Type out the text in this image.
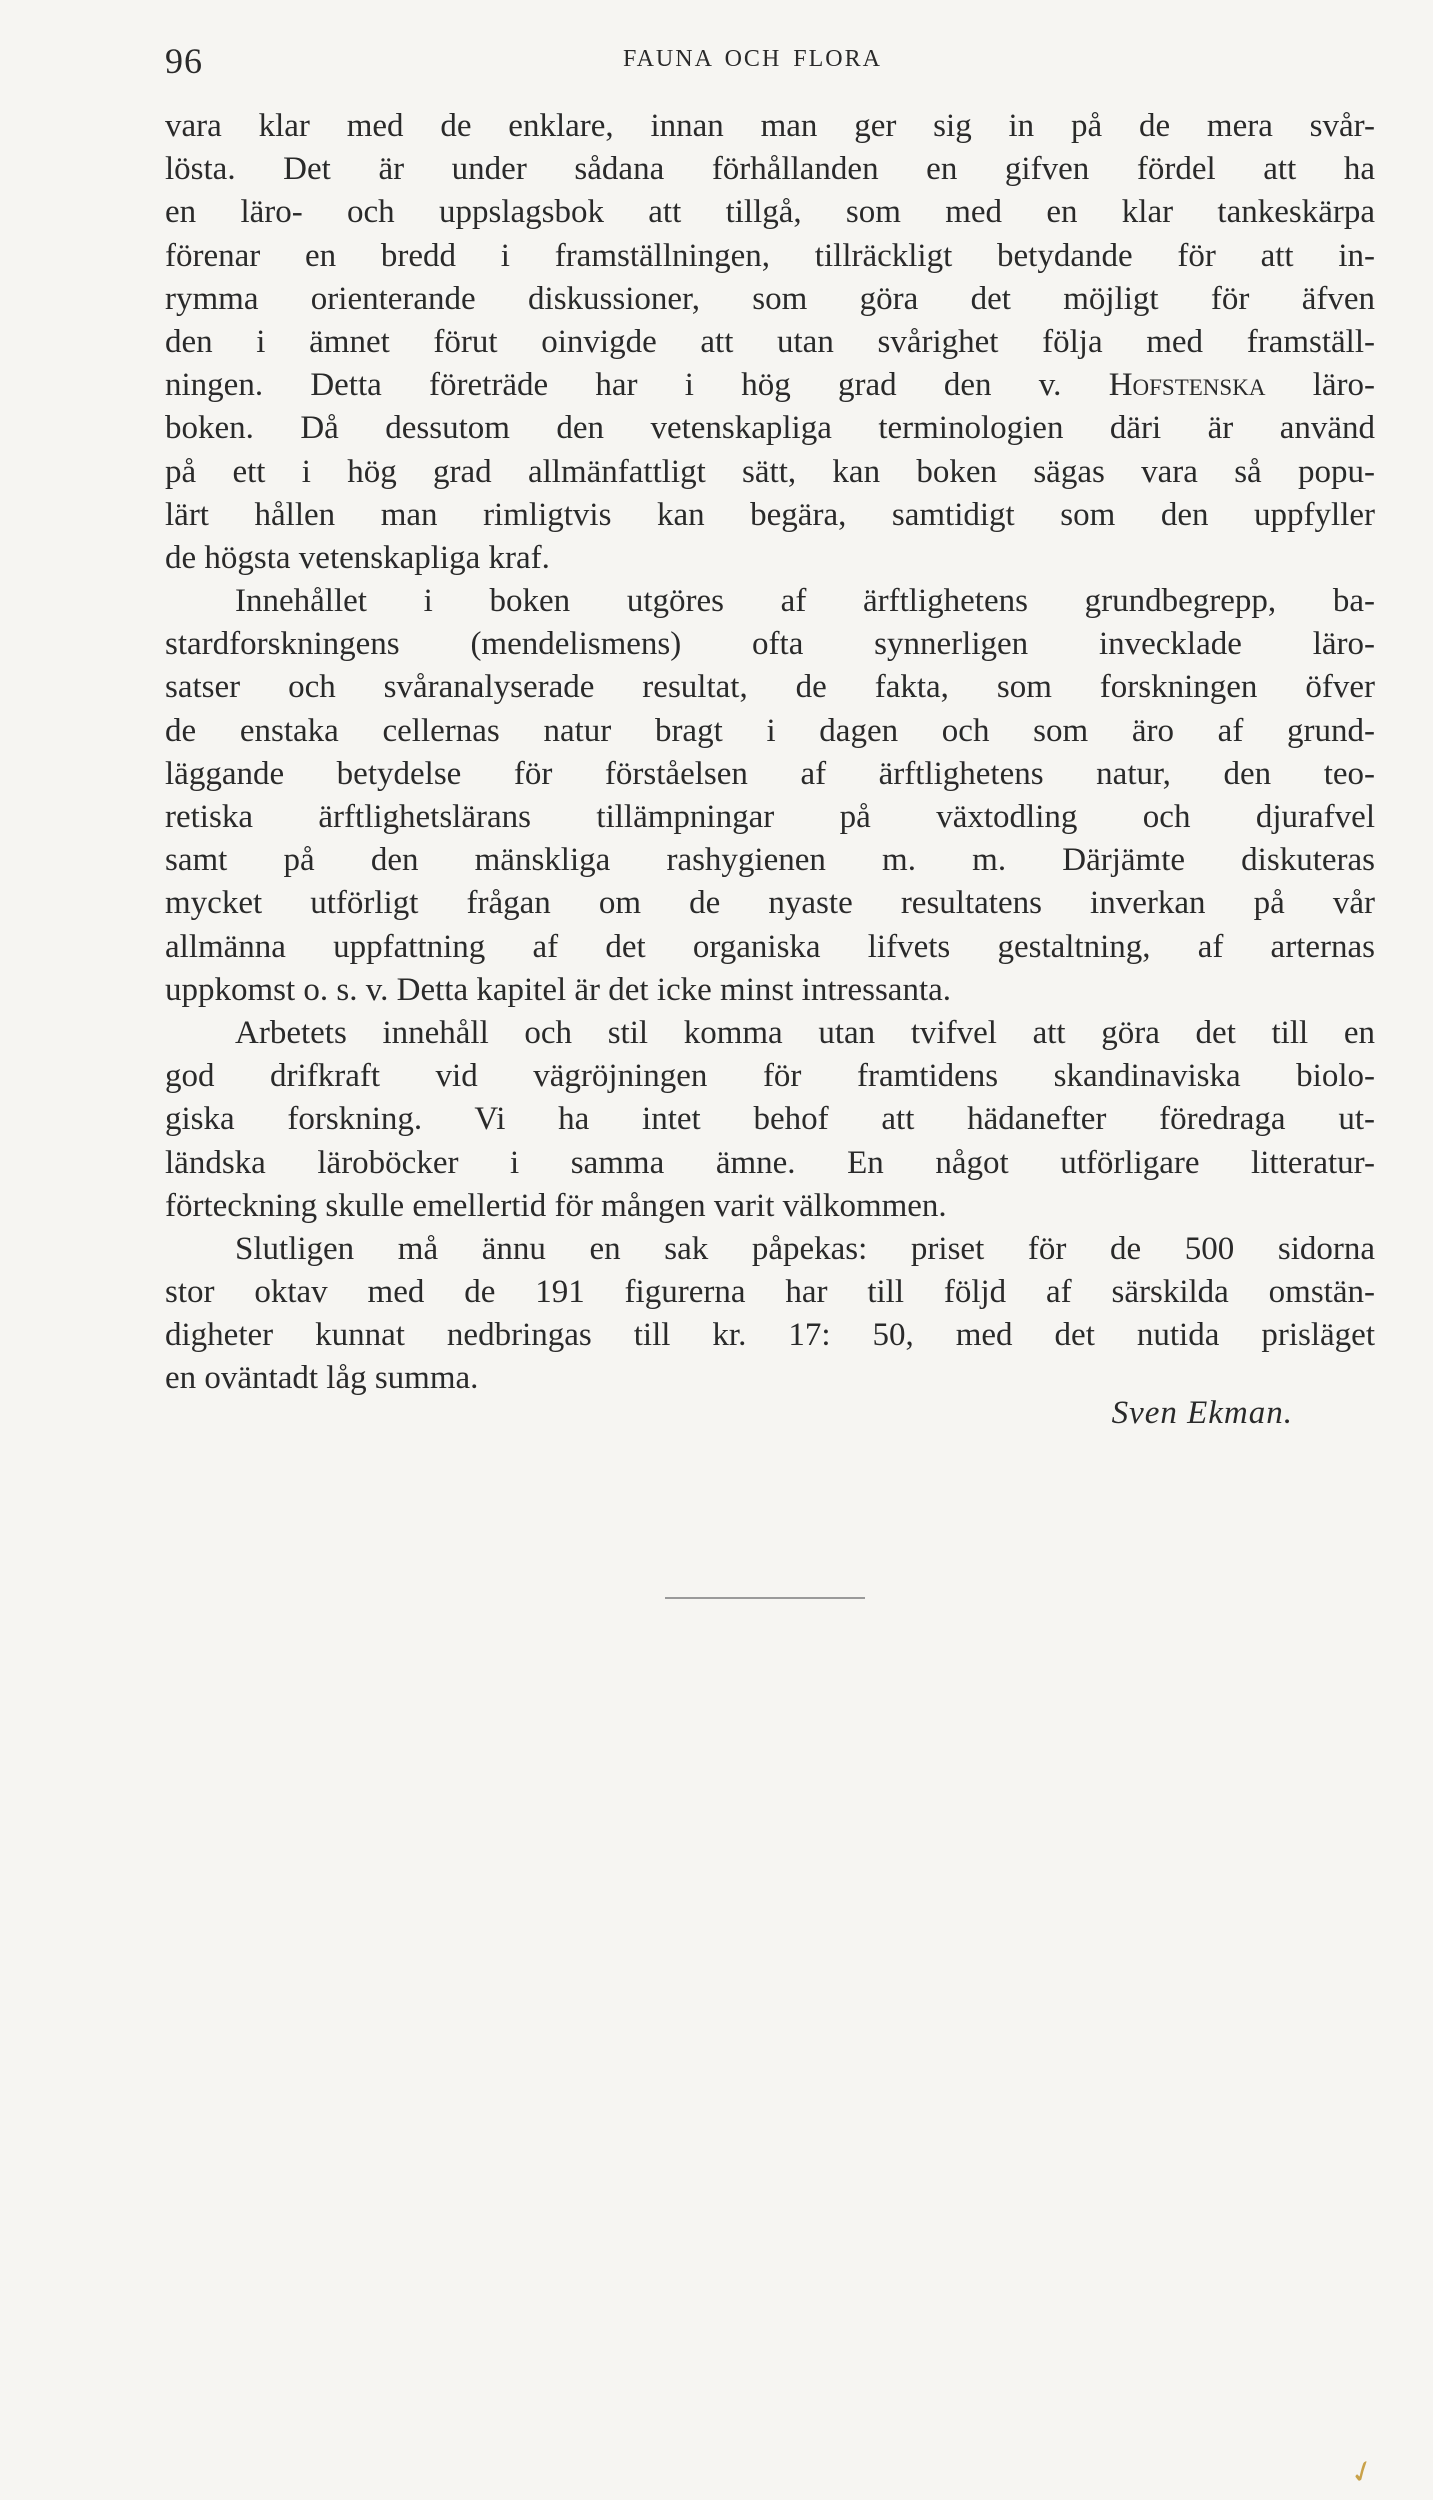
96	FAUNA OCH FLORA
vara klar med de enklare, innan man ger sig in på de mera svår-
lösta. Det är under sådana förhållanden en gifven fördel att ha
en läro- och uppslagsbok att tillgå, som med en klar tankeskärpa
förenar en bredd i framställningen, tillräckligt betydande för att in-
rymma orienterande diskussioner, som göra det möjligt för äfven
den i ämnet förut oinvigde att utan svårighet följa med framställ-
ningen. Detta företräde har i hög grad den v. Hofstenska läro-
boken. Då dessutom den vetenskapliga terminologien däri är använd
på ett i hög grad allmänfattligt sätt, kan boken sägas vara så popu-
lärt hållen man rimligtvis kan begära, samtidigt som den uppfyller
de högsta vetenskapliga kraf.
Innehållet i boken utgöres af ärftlighetens grundbegrepp, ba-
stardforskningens (mendelismens) ofta synnerligen invecklade läro-
satser och svåranalyserade resultat, de fakta, som forskningen öfver
de enstaka cellernas natur bragt i dagen och som äro af grund-
läggande betydelse för förståelsen af ärftlighetens natur, den teo-
retiska ärftlighetslärans tillämpningar på växtodling och djurafvel
samt på den mänskliga rashygienen m. m. Därjämte diskuteras
mycket utförligt frågan om de nyaste resultatens inverkan på vår
allmänna uppfattning af det organiska lifvets gestaltning, af arternas
uppkomst o. s. v. Detta kapitel är det icke minst intressanta.
Arbetets innehåll och stil komma utan tvifvel att göra det till en
god drifkraft vid vägröjningen för framtidens skandinaviska biolo-
giska forskning. Vi ha intet behof att hädanefter föredraga ut-
ländska läroböcker i samma ämne. En något utförligare litteratur-
förteckning skulle emellertid för mången varit välkommen.
Slutligen må ännu en sak påpekas: priset för de 500 sidorna
stor oktav med de 191 figurerna har till följd af särskilda omstän-
digheter kunnat nedbringas till kr. 17: 50, med det nutida prisläget
en oväntadt låg summa.
Sven Ekman.
✓
